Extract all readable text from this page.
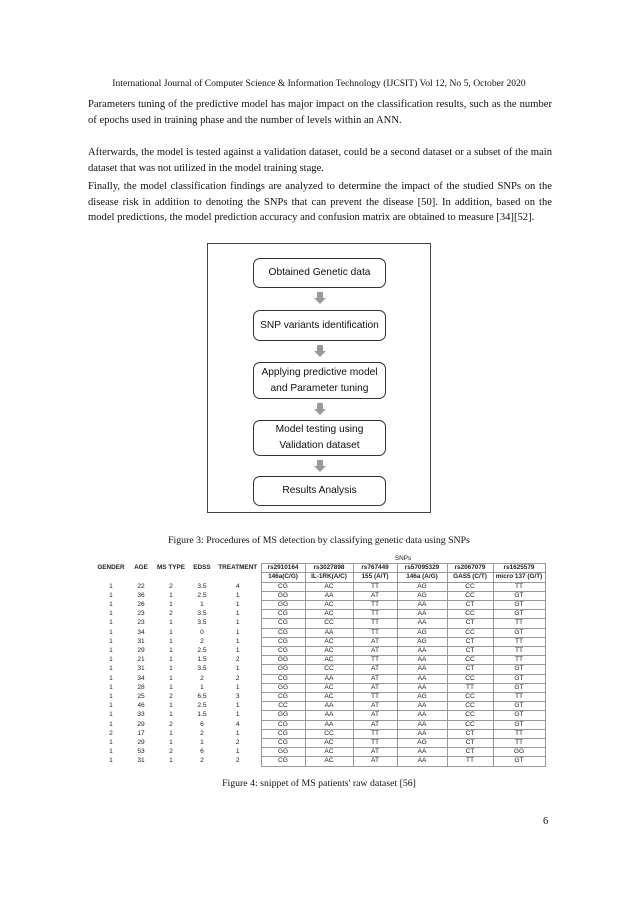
International Journal of Computer Science & Information Technology (IJCSIT) Vol 12, No 5, October 2020

Parameters tuning of the predictive model has major impact on the classification results, such as the number of epochs used in training phase and the number of levels within an ANN.

Afterwards, the model is tested against a validation dataset, could be a second dataset or a subset of the main dataset that was not utilized in the model training stage.

Finally, the model classification findings are analyzed to determine the impact of the studied SNPs on the disease risk in addition to denoting the SNPs that can prevent the disease [50]. In addition, based on the model predictions, the model prediction accuracy and confusion matrix are obtained to measure [34][52].

Obtained Genetic data
SNP variants identification
Applying predictive model and Parameter tuning
Model testing using Validation dataset
Results Analysis
Figure 3: Procedures of MS detection by classifying genetic data using SNPs
					SNPs					
GENDER	AGE	MS TYPE	EDSS	TREATMENT	rs2910164	rs3027898	rs767449	rs57095329	rs2067079	rs1625579
					146a(C/G)	IL-1RK(A/C)	155 (A/T)	146a (A/G)	GAS5 (C/T)	micro 137 (G/T)
1	22	2	3.5	4	CG	AC	TT	AG	CC	TT
1	36	1	2.5	1	GG	AA	AT	AG	CC	GT
1	26	1	1	1	GG	AC	TT	AA	CT	GT
1	23	2	3.5	1	CG	AC	TT	AA	CC	GT
1	23	1	3.5	1	CG	CC	TT	AA	CT	TT
1	34	1	0	1	CG	AA	TT	AG	CC	GT
1	31	1	2	1	CG	AC	AT	AG	CT	TT
1	29	1	2.5	1	CG	AC	AT	AA	CT	TT
1	21	1	1.5	2	GG	AC	TT	AA	CC	TT
1	31	1	3.5	1	GG	CC	AT	AA	CT	GT
1	34	1	2	2	CG	AA	AT	AA	CC	GT
1	28	1	1	1	GG	AC	AT	AA	TT	GT
1	25	2	6.5	3	CG	AC	TT	AG	CC	TT
1	46	1	2.5	1	CC	AA	AT	AA	CC	GT
1	33	1	1.5	1	GG	AA	AT	AA	CC	GT
1	29	2	6	4	CG	AA	AT	AA	CC	GT
2	17	1	2	1	CG	CC	TT	AA	CT	TT
1	29	1	1	2	CG	AC	TT	AG	CT	TT
1	53	2	6	1	GG	AC	AT	AA	CT	GG
1	31	1	2	2	CG	AC	AT	AA	TT	GT
Figure 4: snippet of MS patients' raw dataset [56]
6
